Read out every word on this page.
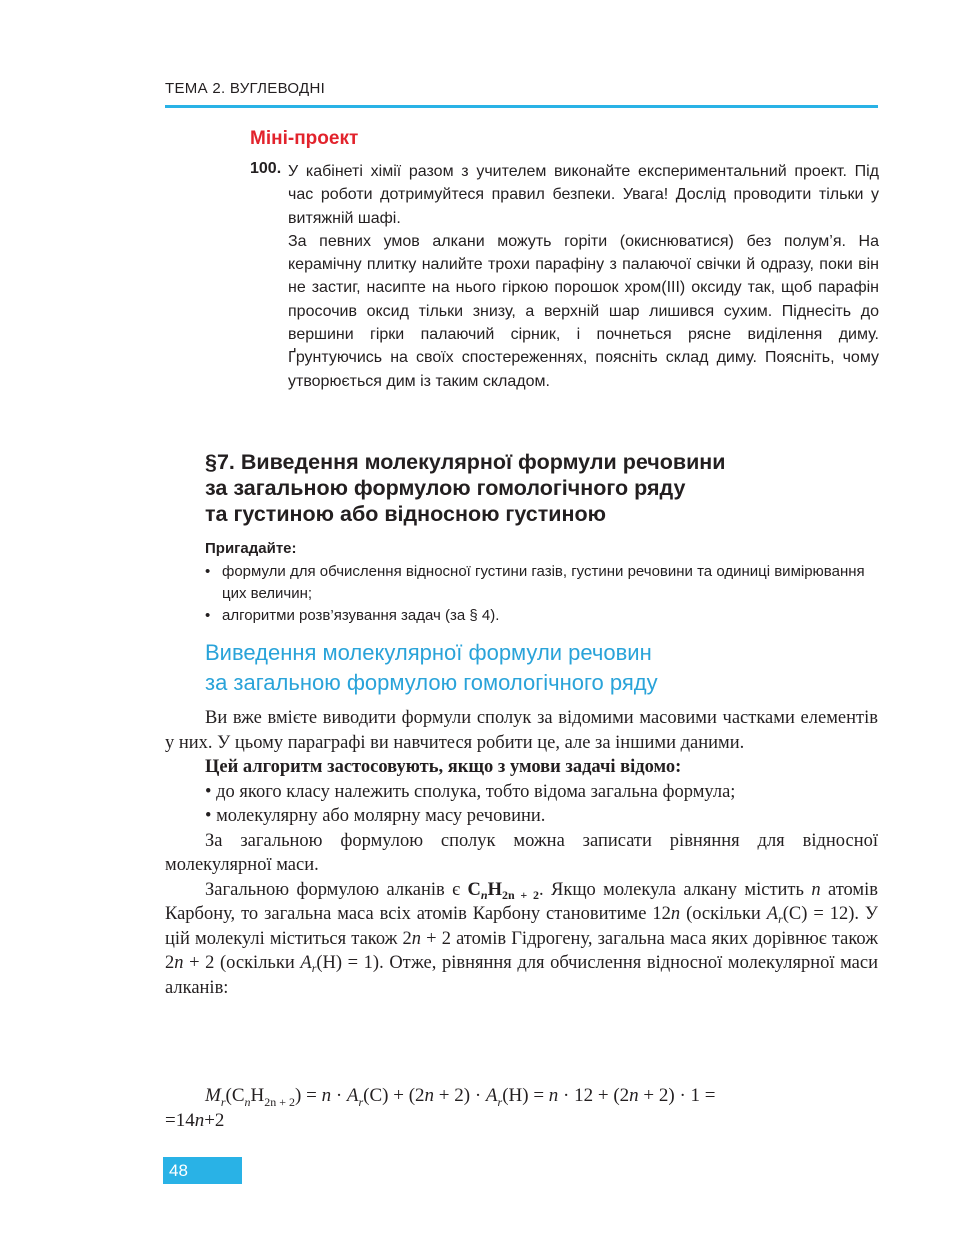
ТЕМА 2. ВУГЛЕВОДНІ
Міні-проект
100. У кабінеті хімії разом з учителем виконайте експериментальний проект. Під час роботи дотримуйтеся правил безпеки. Увага! Дослід проводити тільки у витяжній шафі.

За певних умов алкани можуть горіти (окиснюватися) без полум’я. На керамічну плитку налийте трохи парафіну з палаючої свічки й одразу, поки він не застиг, насипте на нього гіркою порошок хром(ІІІ) оксиду так, щоб парафін просочив оксид тільки знизу, а верхній шар лишився сухим. Піднесіть до вершини гірки палаючий сірник, і почнеться рясне виділення диму. Ґрунтуючись на своїх спостереженнях, поясніть склад диму. Поясніть, чому утворюється дим із таким складом.

§7. Виведення молекулярної формули речовини
за загальною формулою гомологічного ряду
та густиною або відносною густиною
Пригадайте:
• формули для обчислення відносної густини газів, густини речовини та одиниці вимірювання цих величин;
• алгоритми розв’язування задач (за § 4).
Виведення молекулярної формули речовин
за загальною формулою гомологічного ряду

Ви вже вмієте виводити формули сполук за відомими масовими частками елементів у них. У цьому параграфі ви навчитеся робити це, але за іншими даними.

Цей алгоритм застосовують, якщо з умови задачі відомо:

• до якого класу належить сполука, тобто відома загальна формула;

• молекулярну або молярну масу речовини.

За загальною формулою сполук можна записати рівняння для відносної молекулярної маси.

Загальною формулою алканів є $C_nH_{2n + 2}$. Якщо молекула алкану містить n атомів Карбону, то загальна маса всіх атомів Карбону становитиме 12n (оскільки $A_r(C) = 12$). У цій молекулі міститься також 2n + 2 атомів Гідрогену, загальна маса яких дорівнює також 2n + 2 (оскільки $A_r(H) = 1$). Отже, рівняння для обчислення відносної молекулярної маси алканів:

$M_r(C_nH_{2n + 2}) = n \cdot A_r(C) + (2n + 2) \cdot A_r(H) = n \cdot 12 + (2n + 2) \cdot 1$ =
=14n+2
48
